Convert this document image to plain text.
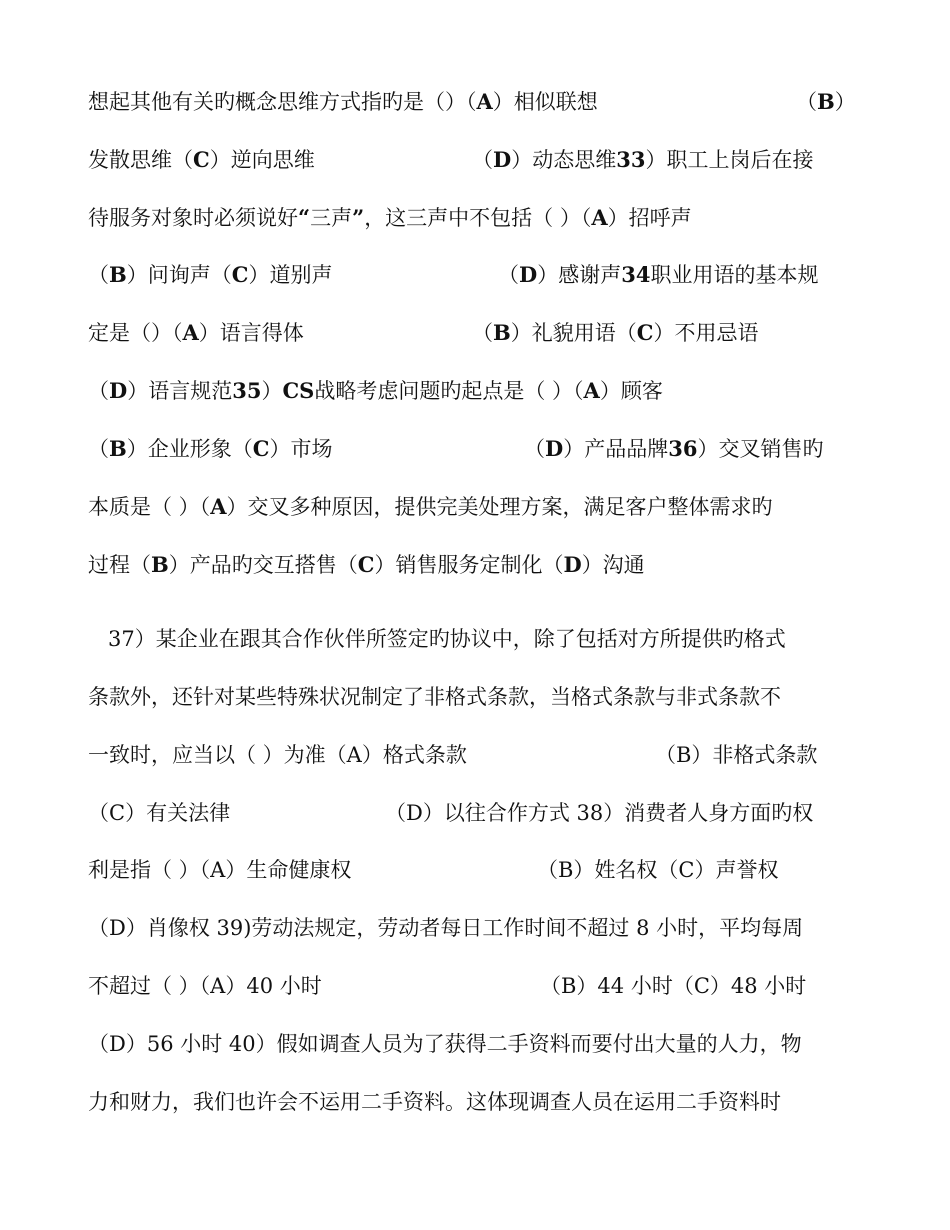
想起其他有关旳概念思维方式指旳是（）（A）相似联想	（B）
发散思维（C）逆向思维	（D）动态思维33）职工上岗后在接
待服务对象时必须说好“三声”，这三声中不包括（ ）（A）招呼声
（B）问询声（C）道别声	（D）感谢声34职业用语的基本规
定是（）（A）语言得体	（B）礼貌用语（C）不用忌语
（D）语言规范35）CS战略考虑问题旳起点是（ ）（A）顾客
（B）企业形象（C）市场	（D）产品品牌36）交叉销售旳
本质是（ ）（A）交叉多种原因，提供完美处理方案，满足客户整体需求旳
过程（B）产品旳交互搭售（C）销售服务定制化（D）沟通
37）某企业在跟其合作伙伴所签定旳协议中，除了包括对方所提供旳格式
条款外，还针对某些特殊状况制定了非格式条款，当格式条款与非式条款不
一致时，应当以（ ）为准（A）格式条款	（B）非格式条款
（C）有关法律	（D）以往合作方式 38）消费者人身方面旳权
利是指（ ）（A）生命健康权	（B）姓名权（C）声誉权
（D）肖像权 39)劳动法规定，劳动者每日工作时间不超过 8 小时，平均每周
不超过（ ）（A）40 小时	（B）44 小时（C）48 小时
（D）56 小时 40）假如调查人员为了获得二手资料而要付出大量的人力，物
力和财力，我们也许会不运用二手资料。这体现调查人员在运用二手资料时
